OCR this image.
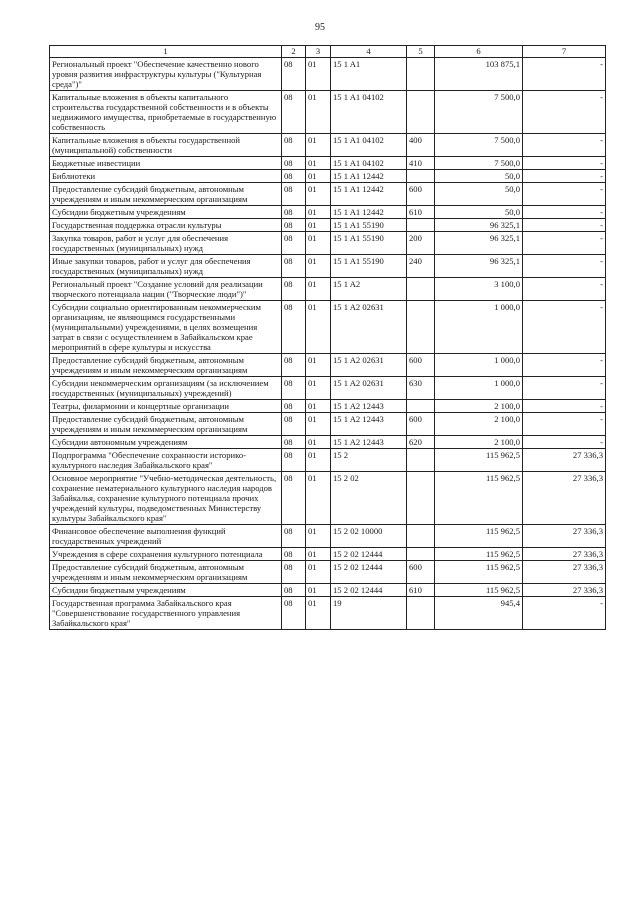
95
1	2	3	4	5	6	7
Региональный проект "Обеспечение качественно нового уровня развития инфраструктуры культуры ("Культурная среда")"	08	01	15 1 A1		103 875,1	-
Капитальные вложения в объекты капитального строительства государственной собственности и в объекты недвижимого имущества, приобретаемые в государственную собственность	08	01	15 1 A1 04102		7 500,0	-
Капитальные вложения в объекты государственной (муниципальной) собственности	08	01	15 1 A1 04102	400	7 500,0	-
Бюджетные инвестиции	08	01	15 1 A1 04102	410	7 500,0	-
Библиотеки	08	01	15 1 A1 12442		50,0	-
Предоставление субсидий бюджетным, автономным учреждениям и иным некоммерческим организациям	08	01	15 1 A1 12442	600	50,0	-
Субсидии бюджетным учреждениям	08	01	15 1 A1 12442	610	50,0	-
Государственная поддержка отрасли культуры	08	01	15 1 A1 55190		96 325,1	-
Закупка товаров, работ и услуг для обеспечения государственных (муниципальных) нужд	08	01	15 1 A1 55190	200	96 325,1	-
Иные закупки товаров, работ и услуг для обеспечения государственных (муниципальных) нужд	08	01	15 1 A1 55190	240	96 325,1	-
Региональный проект "Создание условий для реализации творческого потенциала нации ("Творческие люди")"	08	01	15 1 A2		3 100,0	-
Субсидии социально ориентированным некоммерческим организациям, не являющимся государственными (муниципальными) учреждениями, в целях возмещения затрат в связи с осуществлением в Забайкальском крае мероприятий в сфере культуры и искусства	08	01	15 1 A2 02631		1 000,0	-
Предоставление субсидий бюджетным, автономным учреждениям и иным некоммерческим организациям	08	01	15 1 A2 02631	600	1 000,0	-
Субсидии некоммерческим организациям (за исключением государственных (муниципальных) учреждений)	08	01	15 1 A2 02631	630	1 000,0	-
Театры, филармонии и концертные организации	08	01	15 1 A2 12443		2 100,0	-
Предоставление субсидий бюджетным, автономным учреждениям и иным некоммерческим организациям	08	01	15 1 A2 12443	600	2 100,0	-
Субсидии автономным учреждениям	08	01	15 1 A2 12443	620	2 100,0	-
Подпрограмма "Обеспечение сохранности историко-культурного наследия Забайкальского края"	08	01	15 2		115 962,5	27 336,3
Основное мероприятие "Учебно-методическая деятельность, сохранение нематериального культурного наследия народов Забайкалья, сохранение культурного потенциала прочих учреждений культуры, подведомственных Министерству культуры Забайкальского края"	08	01	15 2 02		115 962,5	27 336,3
Финансовое обеспечение выполнения функций государственных учреждений	08	01	15 2 02 10000		115 962,5	27 336,3
Учреждения в сфере сохранения культурного потенциала	08	01	15 2 02 12444		115 962,5	27 336,3
Предоставление субсидий бюджетным, автономным учреждениям и иным некоммерческим организациям	08	01	15 2 02 12444	600	115 962,5	27 336,3
Субсидии бюджетным учреждениям	08	01	15 2 02 12444	610	115 962,5	27 336,3
Государственная программа Забайкальского края "Совершенствование государственного управления Забайкальского края"	08	01	19		945,4	-
